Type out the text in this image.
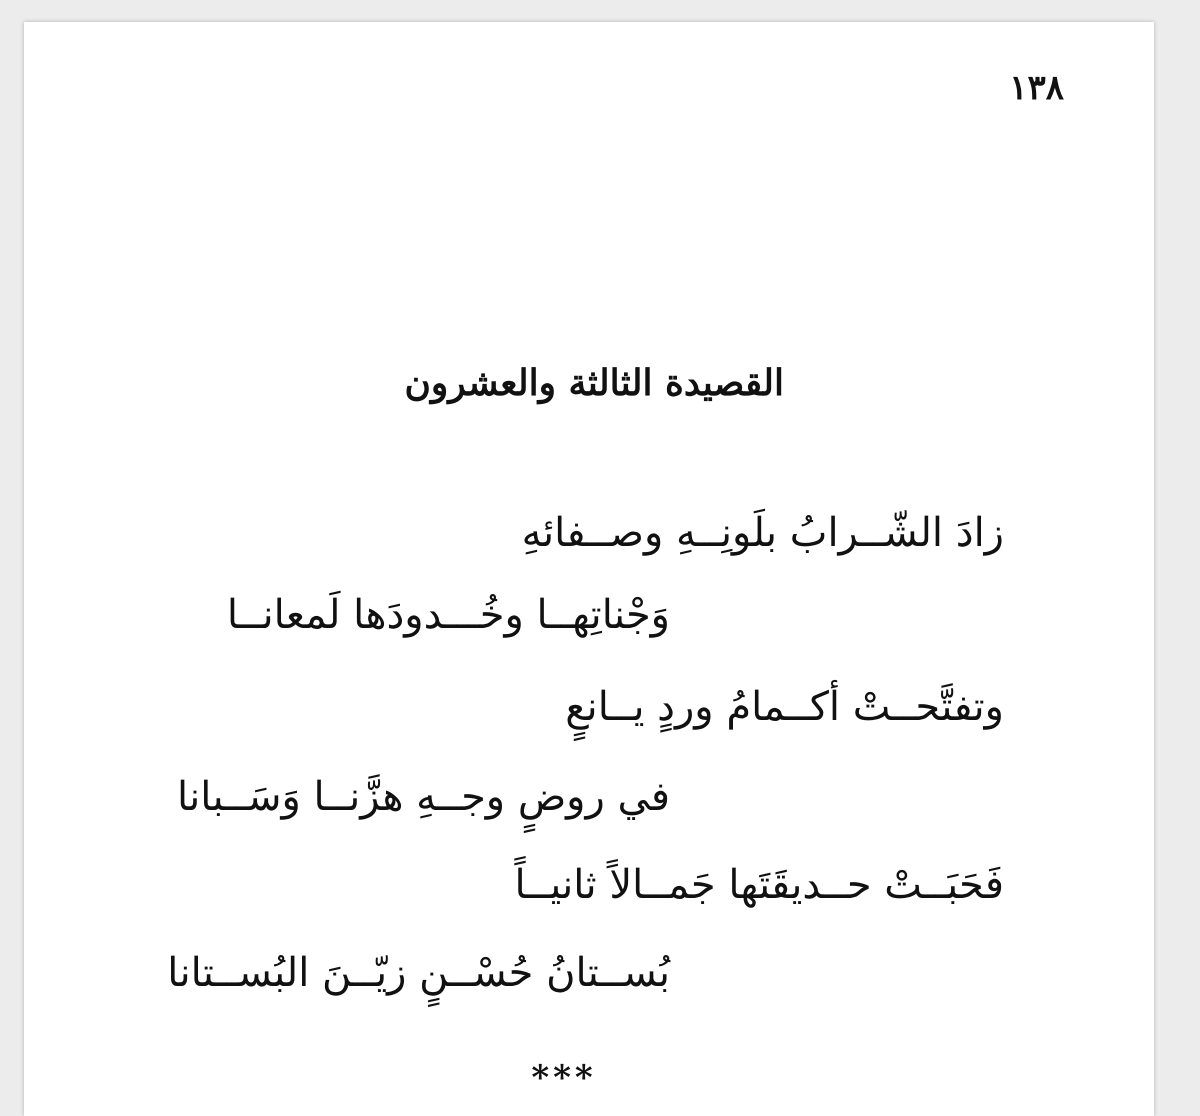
١٣٨
القصيدة الثالثة والعشرون
زادَ الشّــرابُ بلَونِــهِ وصــفائهِ
وَجْناتِهــا وخُـــدودَها لَمعانــا
وتفتَّحــتْ أكــمامُ وردٍ يــانعٍ
في روضٍ وجــهِ هزَّنــا وَسَــبانا
فَحَبَــتْ حــديقَتَها جَمــالاً ثانيــاً
بُســتانُ حُسْــنٍ زيّــنَ البُســتانا
***
